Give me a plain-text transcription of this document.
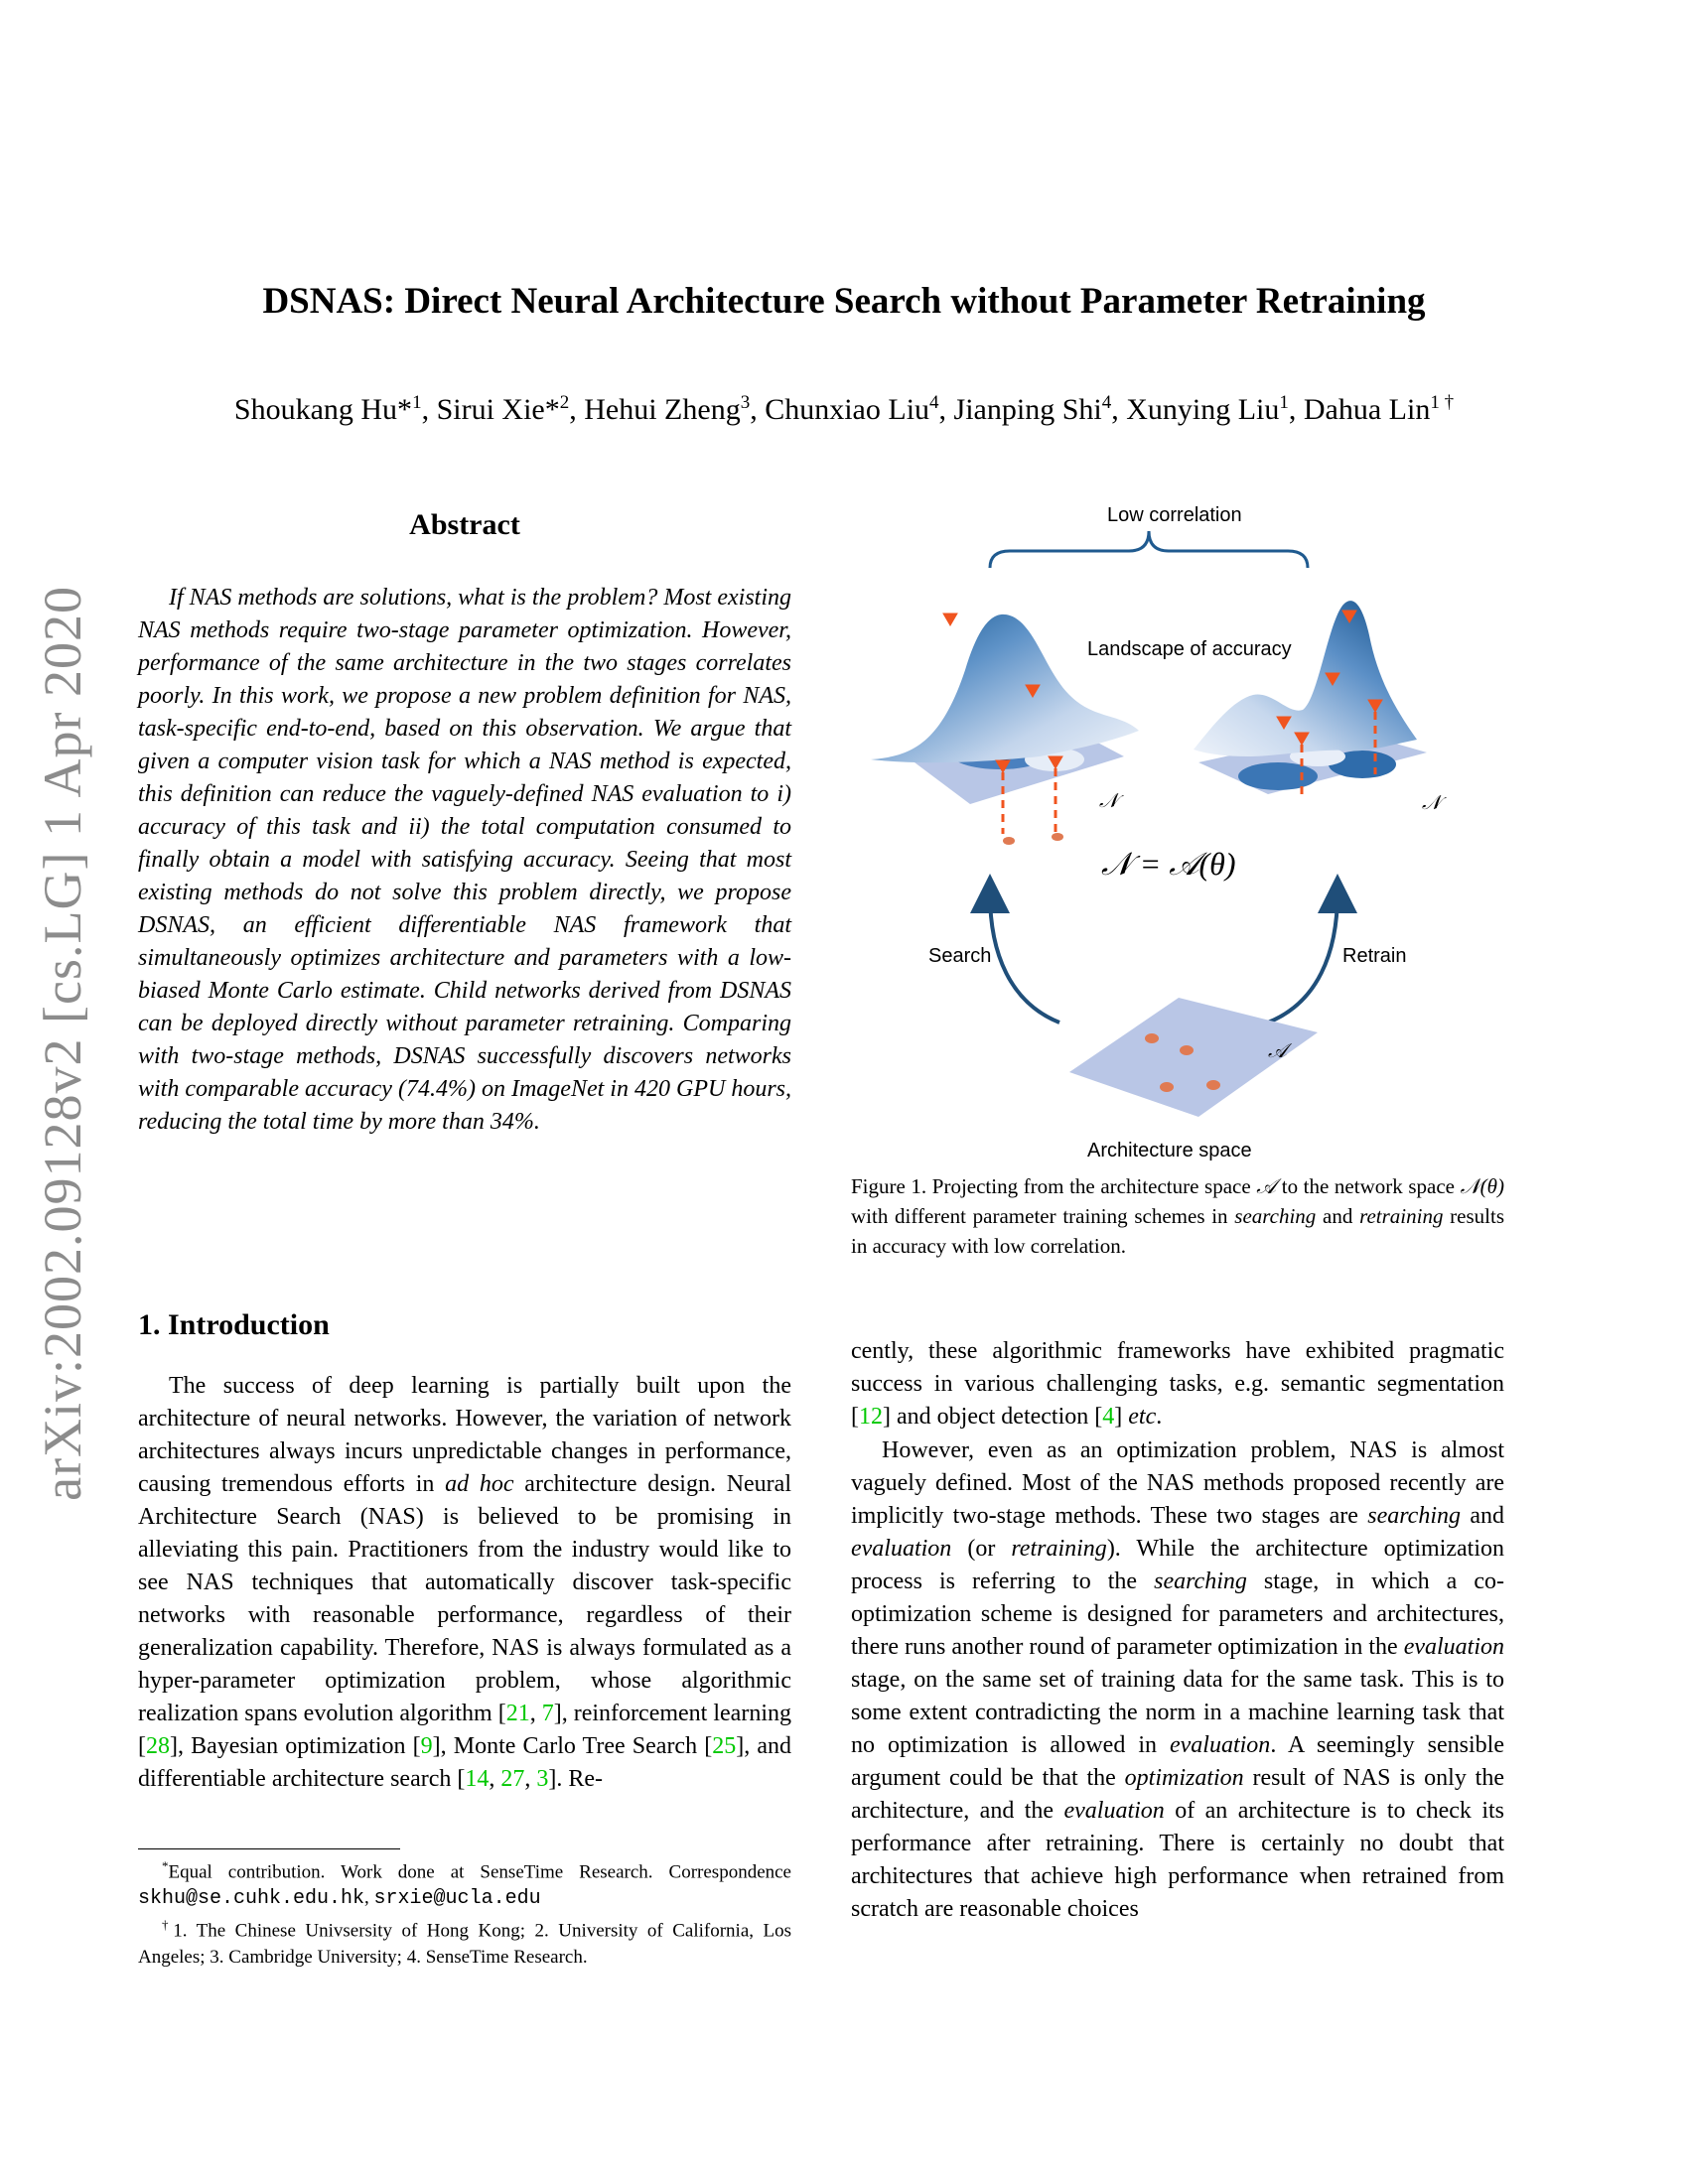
arXiv:2002.09128v2 [cs.LG] 1 Apr 2020
DSNAS: Direct Neural Architecture Search without Parameter Retraining
Shoukang Hu*$^1$, Sirui Xie*$^2$, Hehui Zheng$^3$, Chunxiao Liu$^4$, Jianping Shi$^4$, Xunying Liu$^1$, Dahua Lin$^{1 \dagger}$
Abstract

If NAS methods are solutions, what is the problem? Most existing NAS methods require two-stage parameter optimization. However, performance of the same architecture in the two stages correlates poorly. In this work, we propose a new problem definition for NAS, task-specific end-to-end, based on this observation. We argue that given a computer vision task for which a NAS method is expected, this definition can reduce the vaguely-defined NAS evaluation to i) accuracy of this task and ii) the total computation consumed to finally obtain a model with satisfying accuracy. Seeing that most existing methods do not solve this problem directly, we propose DSNAS, an efficient differentiable NAS framework that simultaneously optimizes architecture and parameters with a low-biased Monte Carlo estimate. Child networks derived from DSNAS can be deployed directly without parameter retraining. Comparing with two-stage methods, DSNAS successfully discovers networks with comparable accuracy (74.4%) on ImageNet in 420 GPU hours, reducing the total time by more than 34%.

1. Introduction

The success of deep learning is partially built upon the architecture of neural networks. However, the variation of network architectures always incurs unpredictable changes in performance, causing tremendous efforts in ad hoc architecture design. Neural Architecture Search (NAS) is believed to be promising in alleviating this pain. Practitioners from the industry would like to see NAS techniques that automatically discover task-specific networks with reasonable performance, regardless of their generalization capability. Therefore, NAS is always formulated as a hyper-parameter optimization problem, whose algorithmic realization spans evolution algorithm [21, 7], reinforcement learning [28], Bayesian optimization [9], Monte Carlo Tree Search [25], and differentiable architecture search [14, 27, 3]. Re-

*Equal contribution. Work done at SenseTime Research. Correspondence skhu@se.cuhk.edu.hk, srxie@ucla.edu

†1. The Chinese Univsersity of Hong Kong; 2. University of California, Los Angeles; 3. Cambridge University; 4. SenseTime Research.

Low correlation
Landscape of accuracy
𝒩 = 𝒜(θ)
𝒩	𝒩
𝒜
Search	Retrain
Architecture space

Figure 1. Projecting from the architecture space 𝒜 to the network space 𝒩(θ) with different parameter training schemes in searching and retraining results in accuracy with low correlation.

cently, these algorithmic frameworks have exhibited pragmatic success in various challenging tasks, e.g. semantic segmentation [12] and object detection [4] etc.

However, even as an optimization problem, NAS is almost vaguely defined. Most of the NAS methods proposed recently are implicitly two-stage methods. These two stages are searching and evaluation (or retraining). While the architecture optimization process is referring to the searching stage, in which a co-optimization scheme is designed for parameters and architectures, there runs another round of parameter optimization in the evaluation stage, on the same set of training data for the same task. This is to some extent contradicting the norm in a machine learning task that no optimization is allowed in evaluation. A seemingly sensible argument could be that the optimization result of NAS is only the architecture, and the evaluation of an architecture is to check its performance after retraining. There is certainly no doubt that architectures that achieve high performance when retrained from scratch are reasonable choices
